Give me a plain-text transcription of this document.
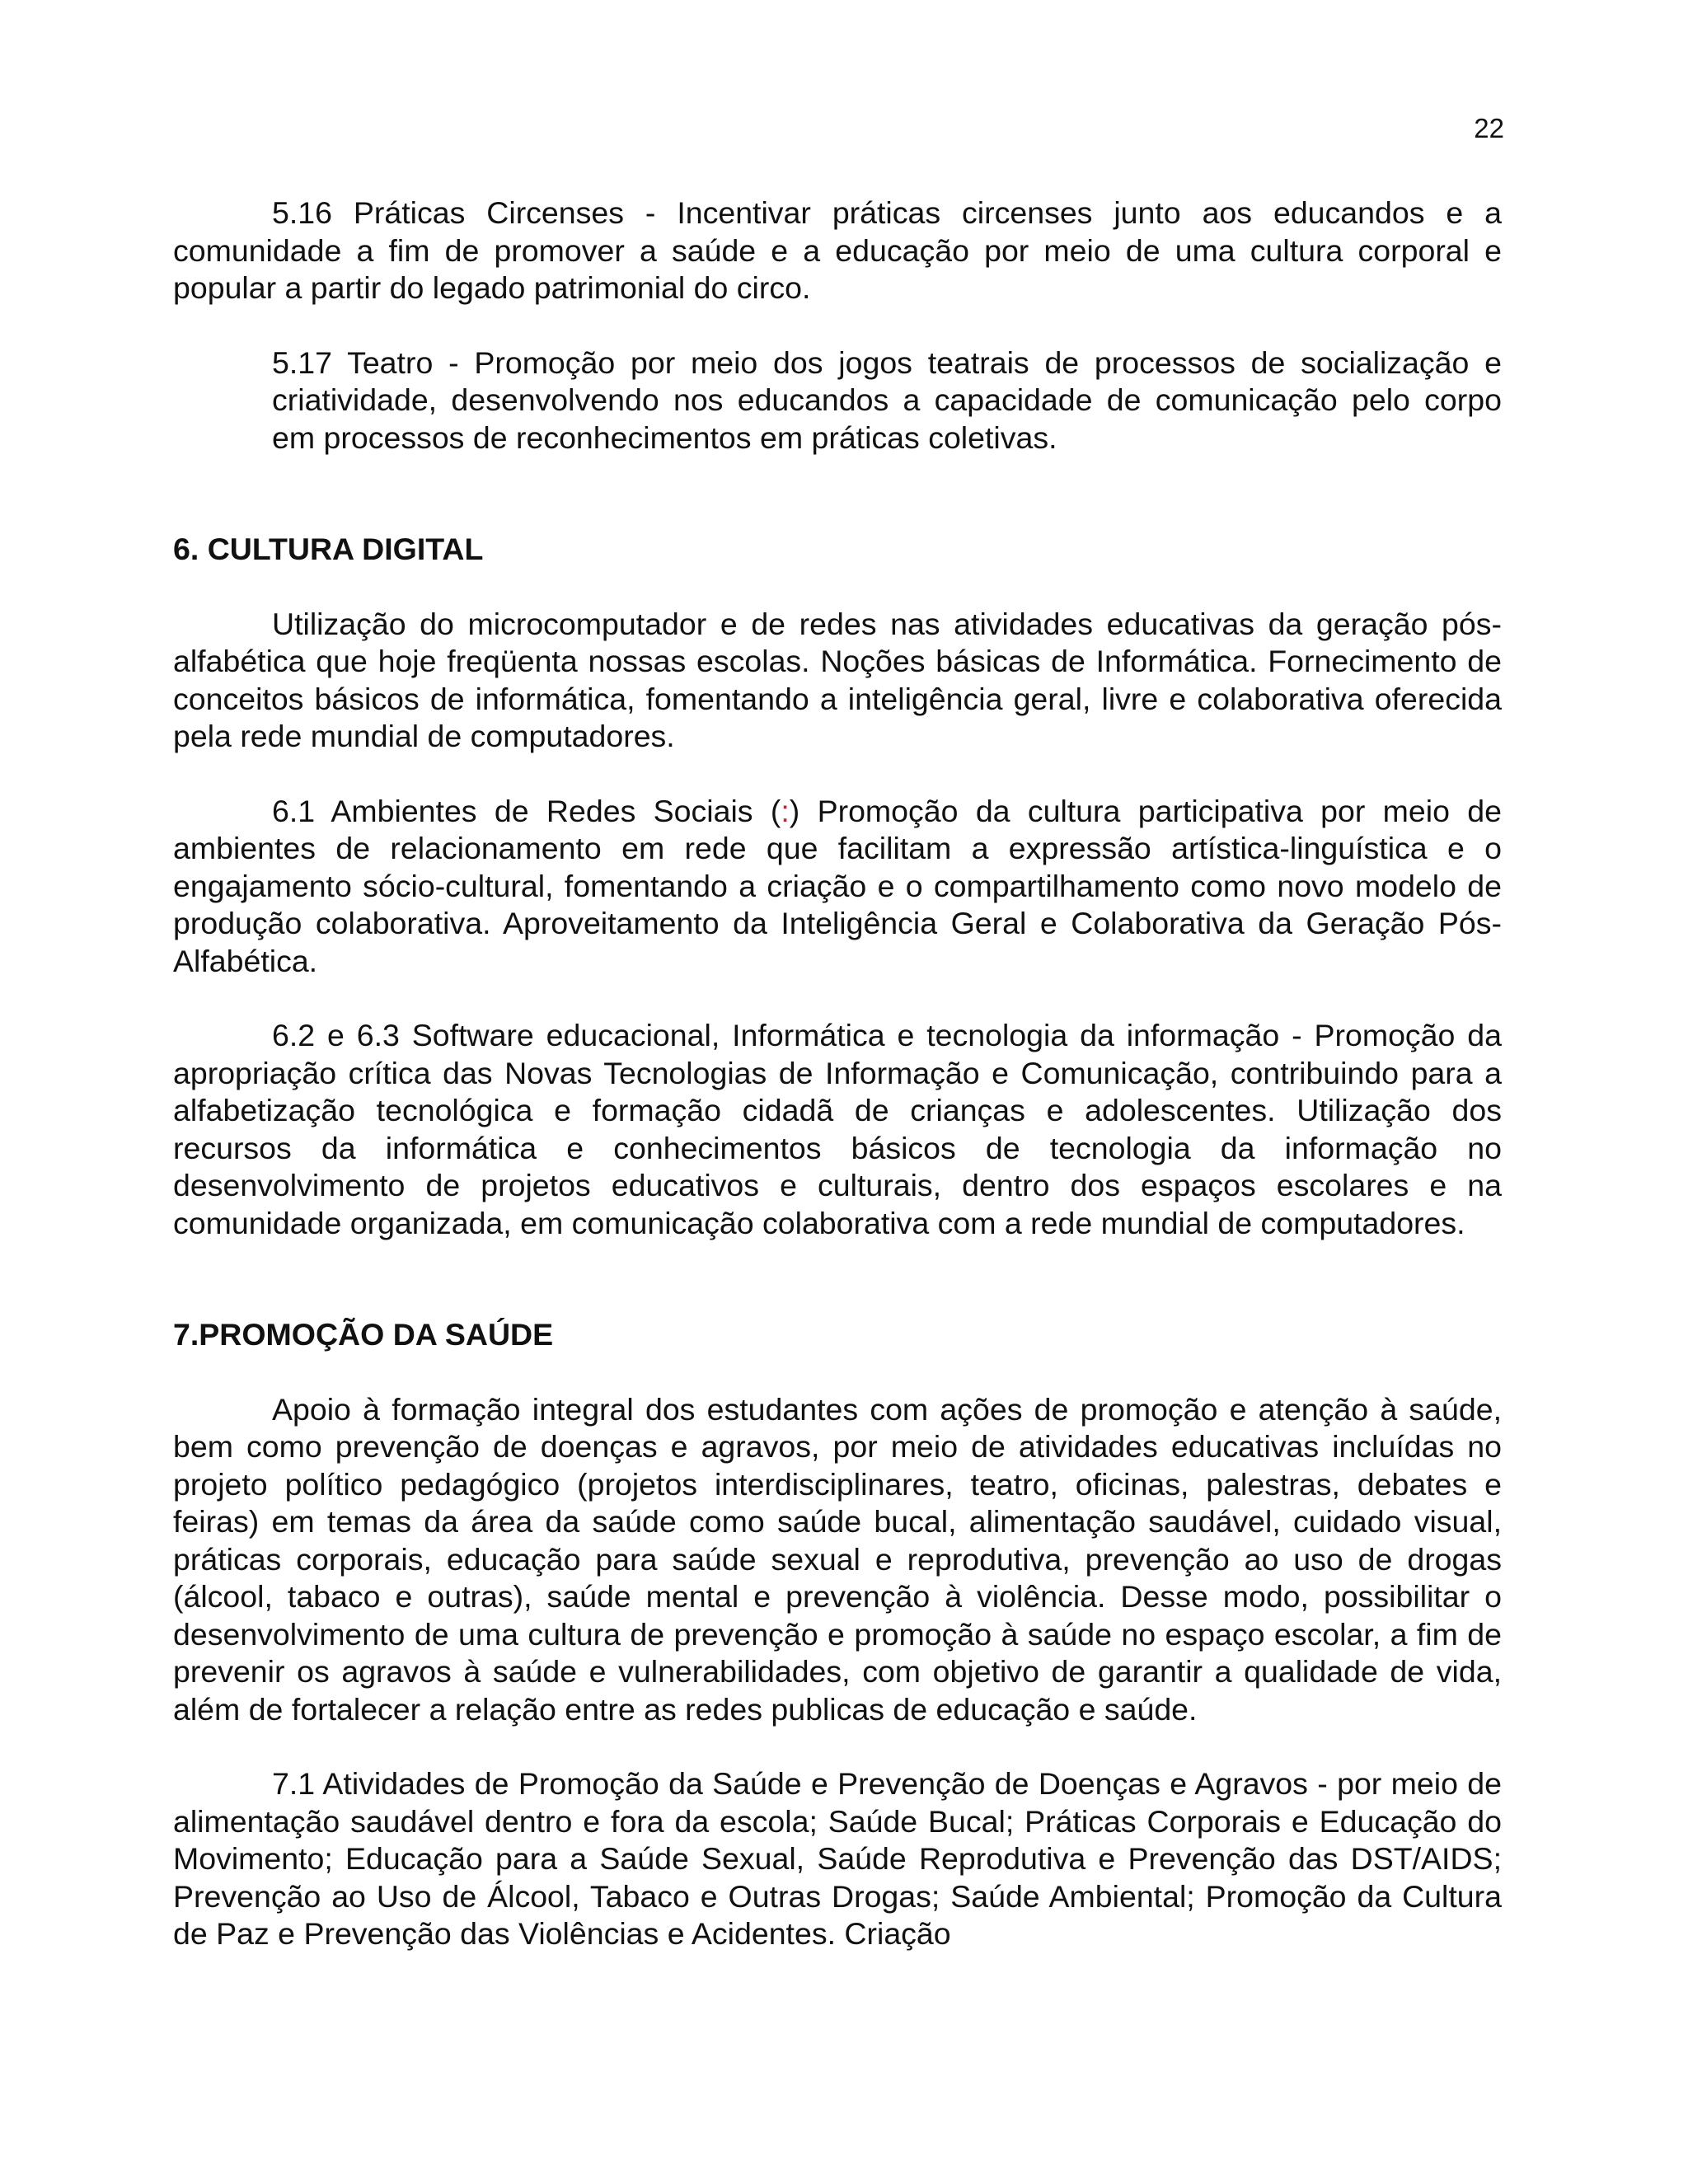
22

5.16 Práticas Circenses - Incentivar práticas circenses junto aos educandos e a comunidade a fim de promover a saúde e a educação por meio de uma cultura corporal e popular a partir do legado patrimonial do circo.

5.17 Teatro - Promoção por meio dos jogos teatrais de processos de socialização e criatividade, desenvolvendo nos educandos a capacidade de comunicação pelo corpo em processos de reconhecimentos em práticas coletivas.

6. CULTURA DIGITAL

Utilização do microcomputador e de redes nas atividades educativas da geração pós-alfabética que hoje freqüenta nossas escolas. Noções básicas de Informática. Fornecimento de conceitos básicos de informática, fomentando a inteligência geral, livre e colaborativa oferecida pela rede mundial de computadores.

6.1 Ambientes de Redes Sociais (:) Promoção da cultura participativa por meio de ambientes de relacionamento em rede que facilitam a expressão artística-linguística e o engajamento sócio-cultural, fomentando a criação e o compartilhamento como novo modelo de produção colaborativa. Aproveitamento da Inteligência Geral e Colaborativa da Geração Pós- Alfabética.

6.2 e 6.3 Software educacional, Informática e tecnologia da informação - Promoção da apropriação crítica das Novas Tecnologias de Informação e Comunicação, contribuindo para a alfabetização tecnológica e formação cidadã de crianças e adolescentes. Utilização dos recursos da informática e conhecimentos básicos de tecnologia da informação no desenvolvimento de projetos educativos e culturais, dentro dos espaços escolares e na comunidade organizada, em comunicação colaborativa com a rede mundial de computadores.

7.PROMOÇÃO DA SAÚDE

Apoio à formação integral dos estudantes com ações de promoção e atenção à saúde, bem como prevenção de doenças e agravos, por meio de atividades educativas incluídas no projeto político pedagógico (projetos interdisciplinares, teatro, oficinas, palestras, debates e feiras) em temas da área da saúde como saúde bucal, alimentação saudável, cuidado visual, práticas corporais, educação para saúde sexual e reprodutiva, prevenção ao uso de drogas (álcool, tabaco e outras), saúde mental e prevenção à violência. Desse modo, possibilitar o desenvolvimento de uma cultura de prevenção e promoção à saúde no espaço escolar, a fim de prevenir os agravos à saúde e vulnerabilidades, com objetivo de garantir a qualidade de vida, além de fortalecer a relação entre as redes publicas de educação e saúde.

7.1 Atividades de Promoção da Saúde e Prevenção de Doenças e Agravos - por meio de alimentação saudável dentro e fora da escola; Saúde Bucal; Práticas Corporais e Educação do Movimento; Educação para a Saúde Sexual, Saúde Reprodutiva e Prevenção das DST/AIDS; Prevenção ao Uso de Álcool, Tabaco e Outras Drogas; Saúde Ambiental; Promoção da Cultura de Paz e Prevenção das Violências e Acidentes. Criação
